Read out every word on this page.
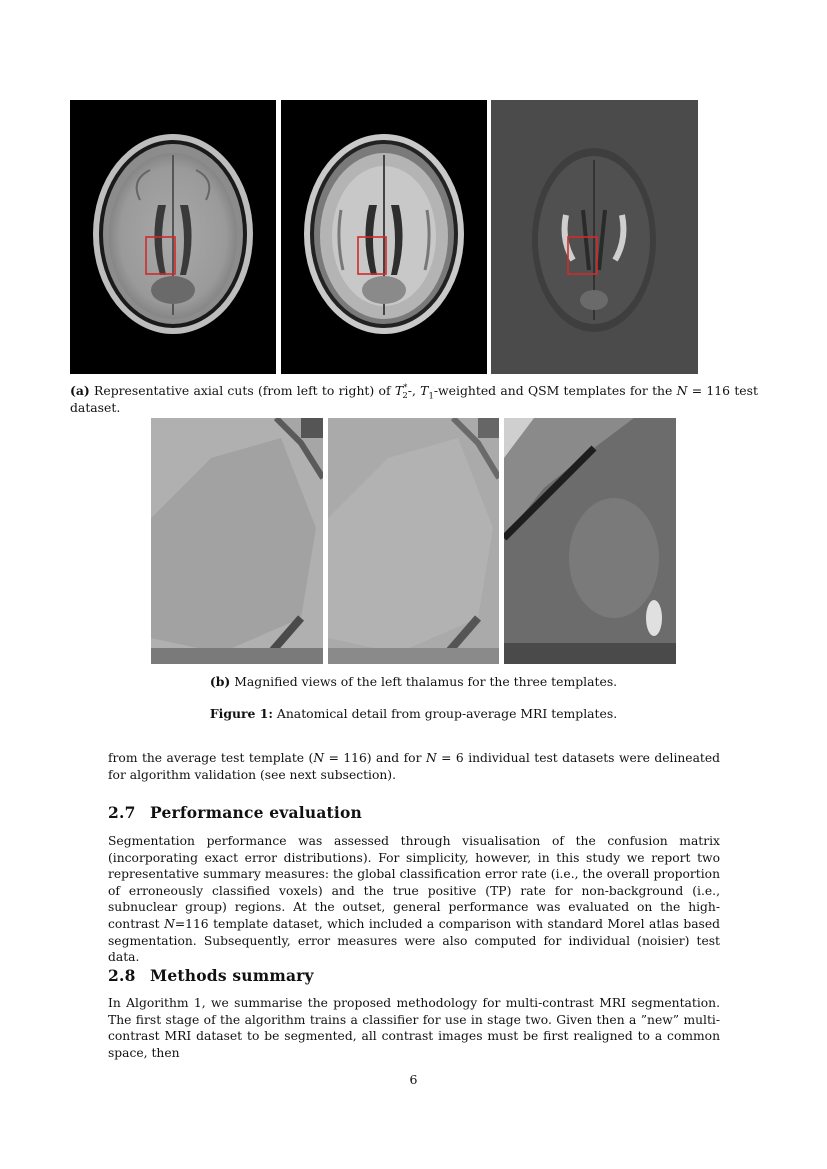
(a) Representative axial cuts (from left to right) of $T^*_2-$, $T_1$-weighted and QSM templates for the N = 116 test dataset.
(b) Magnified views of the left thalamus for the three templates.
Figure 1: Anatomical detail from group-average MRI templates.
from the average test template (N = 116) and for N = 6 individual test datasets were delineated for algorithm validation (see next subsection).
2.7 Performance evaluation
Segmentation performance was assessed through visualisation of the confusion matrix (incorporating exact error distributions). For simplicity, however, in this study we report two representative summary measures: the global classification error rate (i.e., the overall proportion of erroneously classified voxels) and the true positive (TP) rate for non-background (i.e., subnuclear group) regions. At the outset, general performance was evaluated on the high-contrast N=116 template dataset, which included a comparison with standard Morel atlas based segmentation. Subsequently, error measures were also computed for individual (noisier) test data.
2.8 Methods summary
In Algorithm 1, we summarise the proposed methodology for multi-contrast MRI segmentation. The first stage of the algorithm trains a classifier for use in stage two. Given then a ”new” multi-contrast MRI dataset to be segmented, all contrast images must be first realigned to a common space, then
6
